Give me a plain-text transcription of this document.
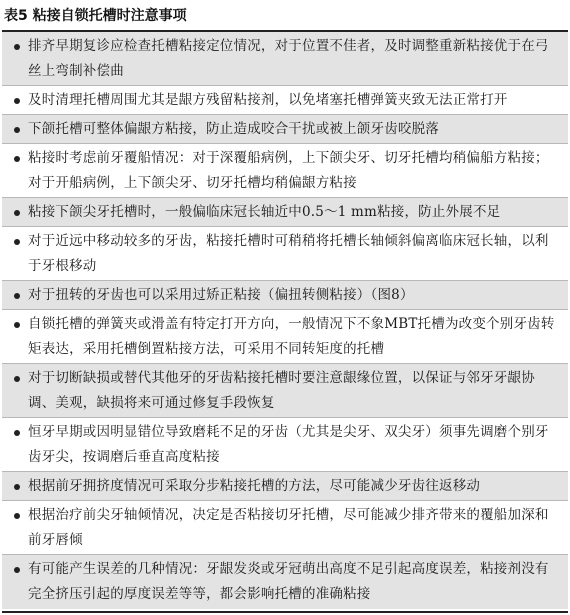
表5 粘接自锁托槽时注意事项
排齐早期复诊应检查托槽粘接定位情况，对于位置不佳者，及时调整重新粘接优于在弓丝上弯制补偿曲
及时清理托槽周围尤其是龈方残留粘接剂，以免堵塞托槽弹簧夹致无法正常打开
下颌托槽可整体偏龈方粘接，防止造成咬合干扰或被上颌牙齿咬脱落
粘接时考虑前牙覆船情况：对于深覆船病例，上下颌尖牙、切牙托槽均稍偏船方粘接；对于开船病例，上下颌尖牙、切牙托槽均稍偏龈方粘接
粘接下颌尖牙托槽时，一般偏临床冠长轴近中0.5～1 mm粘接，防止外展不足
对于近远中移动较多的牙齿，粘接托槽时可稍稍将托槽长轴倾斜偏离临床冠长轴，以利于牙根移动
对于扭转的牙齿也可以采用过矫正粘接（偏扭转侧粘接）（图8）
自锁托槽的弹簧夹或滑盖有特定打开方向，一般情况下不象MBT托槽为改变个别牙齿转矩表达，采用托槽倒置粘接方法，可采用不同转矩度的托槽
对于切断缺损或替代其他牙的牙齿粘接托槽时要注意龈缘位置，以保证与邻牙牙龈协调、美观，缺损将来可通过修复手段恢复
恒牙早期或因明显错位导致磨耗不足的牙齿（尤其是尖牙、双尖牙）须事先调磨个别牙齿牙尖，按调磨后垂直高度粘接
根据前牙拥挤度情况可采取分步粘接托槽的方法，尽可能减少牙齿往返移动
根据治疗前尖牙轴倾情况，决定是否粘接切牙托槽，尽可能减少排齐带来的覆船加深和前牙唇倾
有可能产生误差的几种情况：牙龈发炎或牙冠萌出高度不足引起高度误差，粘接剂没有完全挤压引起的厚度误差等等，都会影响托槽的准确粘接
